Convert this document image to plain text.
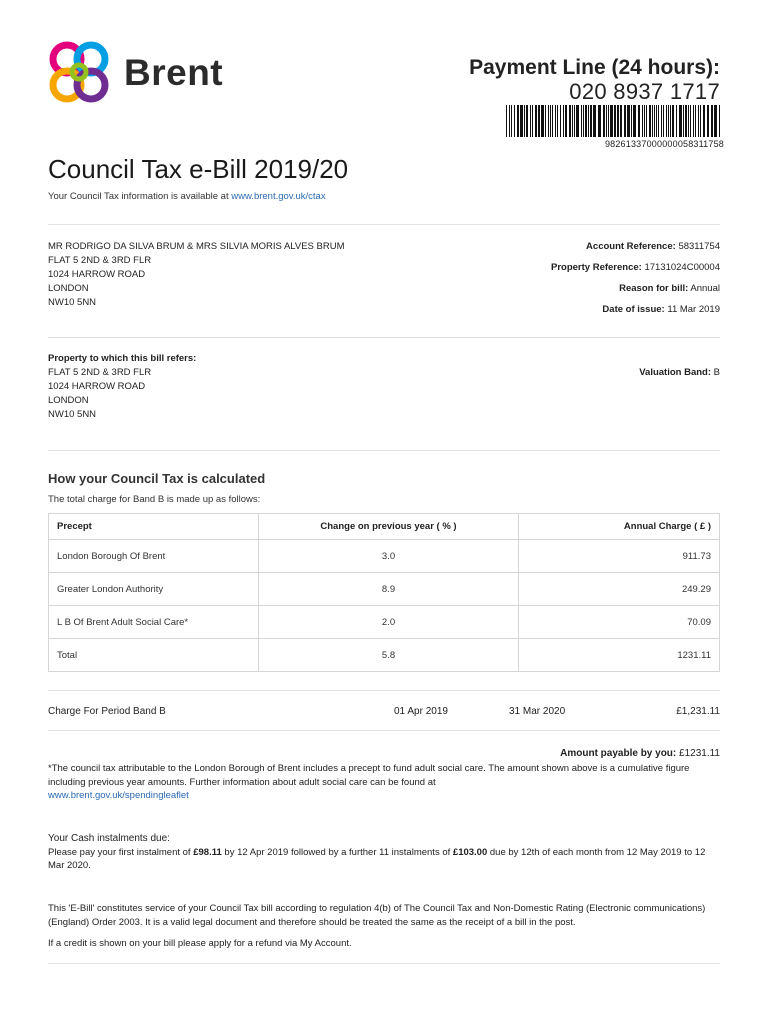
Brent	Payment Line (24 hours):
020 8937 1717
98261337000000058311758
Council Tax e-Bill 2019/20
Your Council Tax information is available at www.brent.gov.uk/ctax
MR RODRIGO DA SILVA BRUM & MRS SILVIA MORIS ALVES BRUM
FLAT 5 2ND & 3RD FLR
1024 HARROW ROAD
LONDON
NW10 5NN
Account Reference: 58311754
Property Reference: 17131024C00004
Reason for bill: Annual
Date of issue: 11 Mar 2019
Property to which this bill refers:
FLAT 5 2ND & 3RD FLR
1024 HARROW ROAD
LONDON
NW10 5NN
Valuation Band: B
How your Council Tax is calculated
The total charge for Band B is made up as follows:
Precept	Change on previous year ( % )	Annual Charge ( £ )
London Borough Of Brent	3.0	911.73
Greater London Authority	8.9	249.29
L B Of Brent Adult Social Care*	2.0	70.09
Total	5.8	1231.11
Charge For Period Band B	01 Apr 2019	31 Mar 2020	£1,231.11
Amount payable by you: £1231.11
*The council tax attributable to the London Borough of Brent includes a precept to fund adult social care. The amount shown above is a cumulative figure including previous year amounts. Further information about adult social care can be found at
www.brent.gov.uk/spendingleaflet
Your Cash instalments due:
Please pay your first instalment of £98.11 by 12 Apr 2019 followed by a further 11 instalments of £103.00 due by 12th of each month from 12 May 2019 to 12 Mar 2020.
This 'E-Bill' constitutes service of your Council Tax bill according to regulation 4(b) of The Council Tax and Non-Domestic Rating (Electronic communications) (England) Order 2003. It is a valid legal document and therefore should be treated the same as the receipt of a bill in the post.
If a credit is shown on your bill please apply for a refund via My Account.
